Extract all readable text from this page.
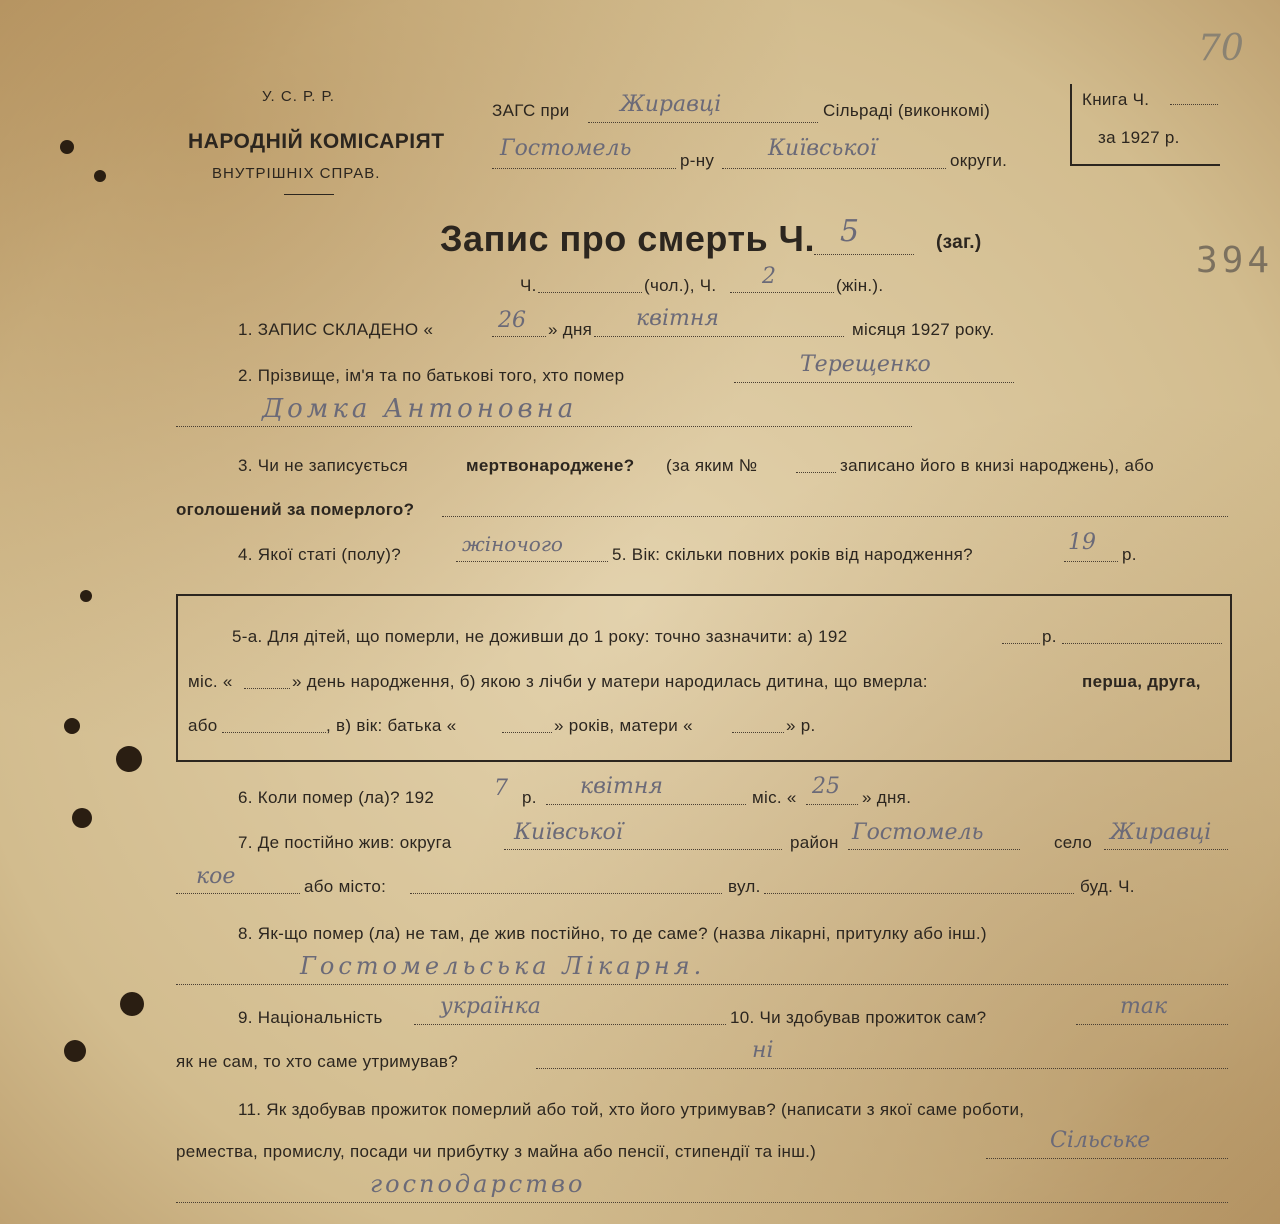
У. С. Р. Р.
НАРОДНІЙ КОМІСАРІЯТ
ВНУТРІШНІХ СПРАВ.
ЗАГС при Жиравці	Сільраді (виконкомі)
Гостомель	р-ну Київської	округи.
Книга Ч.
за 1927 р.
70
394
Запис про смерть Ч. 5	(заг.)
Ч.	(чол.), Ч. 2	(жін.).
1. ЗАПИС СКЛАДЕНО «	26 » дня квітня	місяця 1927 року.
2. Прізвище, ім'я та по батькові того, хто помер	Терещенко
Домка Антоновна
3. Чи не записується	мертвонароджене? (за яким №	записано його в книзі народжень), або
оголошений за померлого?
4. Якої статі (полу)?	жіночого	5. Вік: скільки повних років від народження?	19 р.
5-а. Для дітей, що померли, не доживши до 1 року: точно зазначити: а) 192	р.
міс. «	» день народження, б) якою з лічби у матери народилась дитина, що вмерла:	перша, друга,
або	, в) вік: батька «	» років, матери «	» р.
6. Коли помер (ла)? 192	7 р. квітня	міс. « 25 » дня.
7. Де постійно жив: округа	Київської	район Гостомель	село Жиравці
кое	або місто:	вул.	буд. Ч.
8. Як-що помер (ла) не там, де жив постійно, то де саме? (назва лікарні, притулку або інш.)
Гостомельська Лікарня.
9. Національність	українка	10. Чи здобував прожиток сам?	так
як не сам, то хто саме утримував?	ні
11. Як здобував прожиток померлий або той, хто його утримував? (написати з якої саме роботи,
ремества, промислу, посади чи прибутку з майна або пенсії, стипендії та інш.)	Сільське
господарство
